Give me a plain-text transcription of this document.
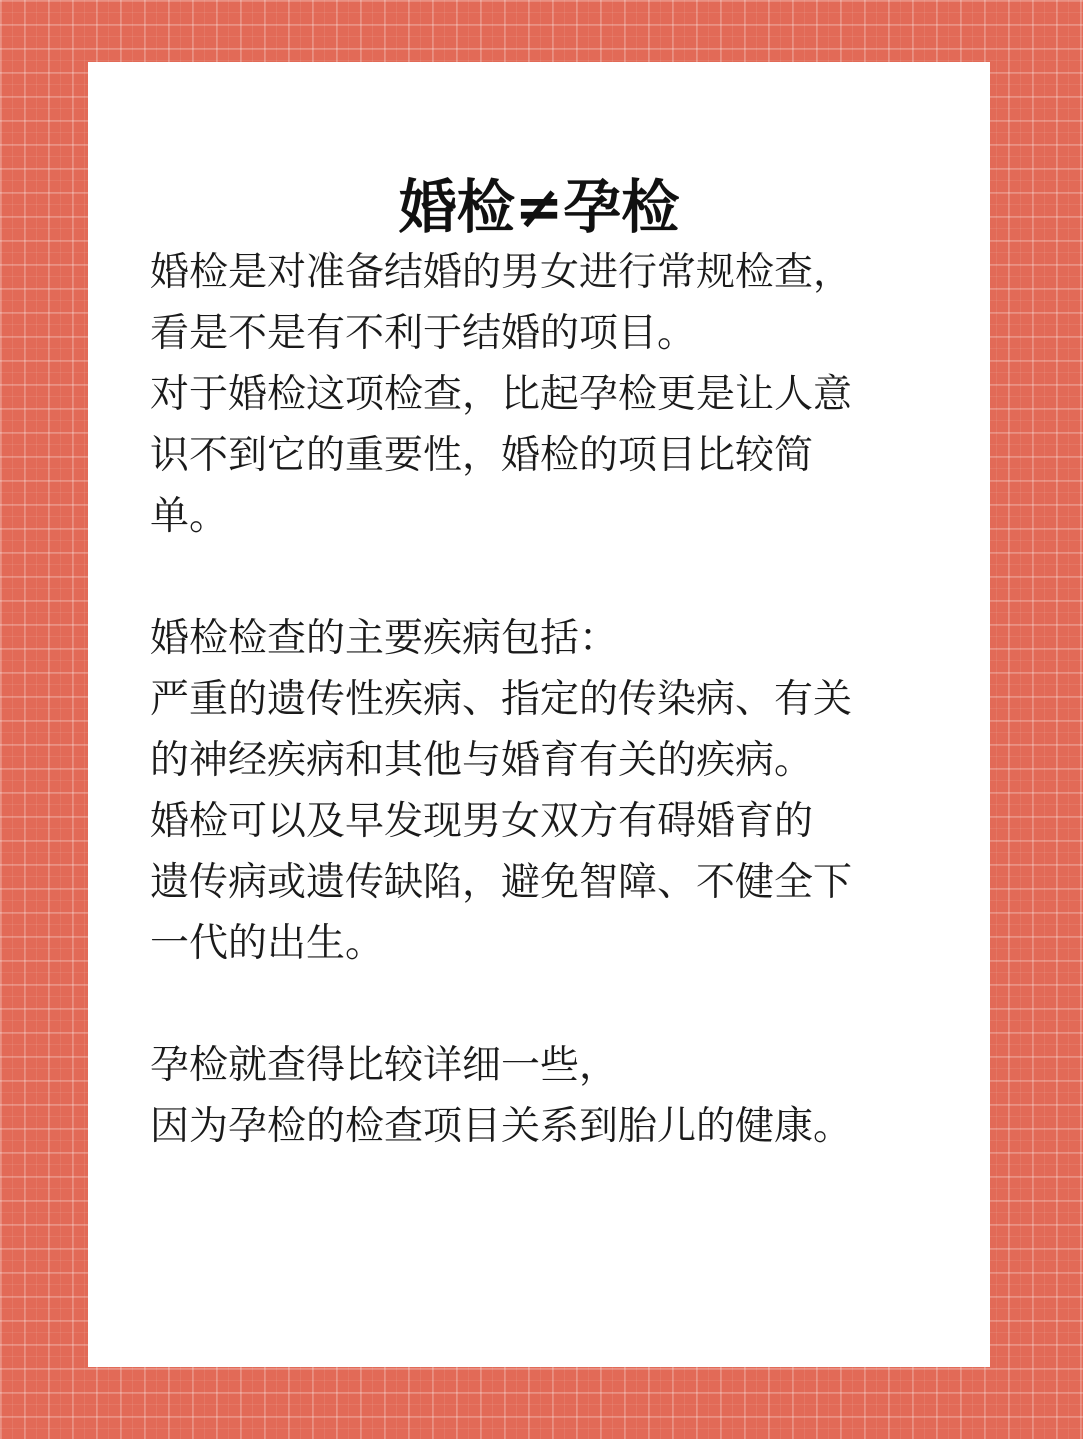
婚检≠孕检

婚检是对准备结婚的男女进行常规检查，
看是不是有不利于结婚的项目。
对于婚检这项检查，比起孕检更是让人意
识不到它的重要性，婚检的项目比较简
单。

婚检检查的主要疾病包括：
严重的遗传性疾病、指定的传染病、有关
的神经疾病和其他与婚育有关的疾病。
婚检可以及早发现男女双方有碍婚育的
遗传病或遗传缺陷，避免智障、不健全下
一代的出生。

孕检就查得比较详细一些，
因为孕检的检查项目关系到胎儿的健康。
